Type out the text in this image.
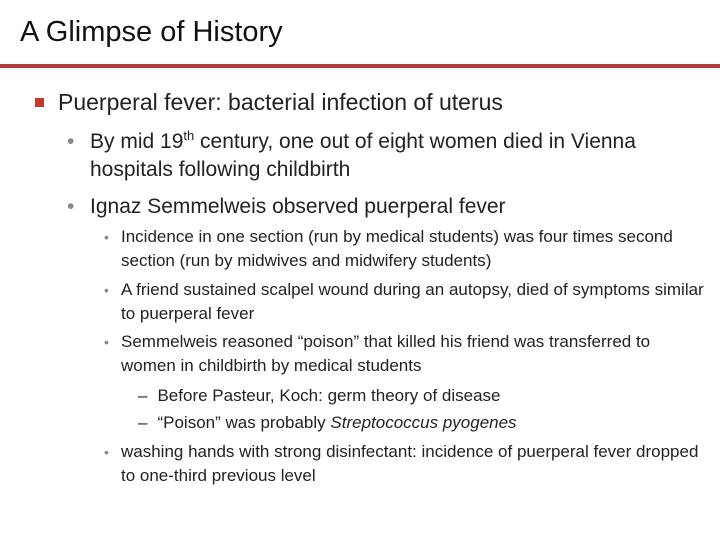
A Glimpse of History
Puerperal fever: bacterial infection of uterus
• By mid 19th century, one out of eight women died in Vienna hospitals following childbirth
• Ignaz Semmelweis observed puerperal fever
• Incidence in one section (run by medical students) was four times second section (run by midwives and midwifery students)
• A friend sustained scalpel wound during an autopsy, died of symptoms similar to puerperal fever
• Semmelweis reasoned “poison” that killed his friend was transferred to women in childbirth by medical students
– Before Pasteur, Koch: germ theory of disease
– “Poison” was probably Streptococcus pyogenes
• washing hands with strong disinfectant: incidence of puerperal fever dropped to one-third previous level
